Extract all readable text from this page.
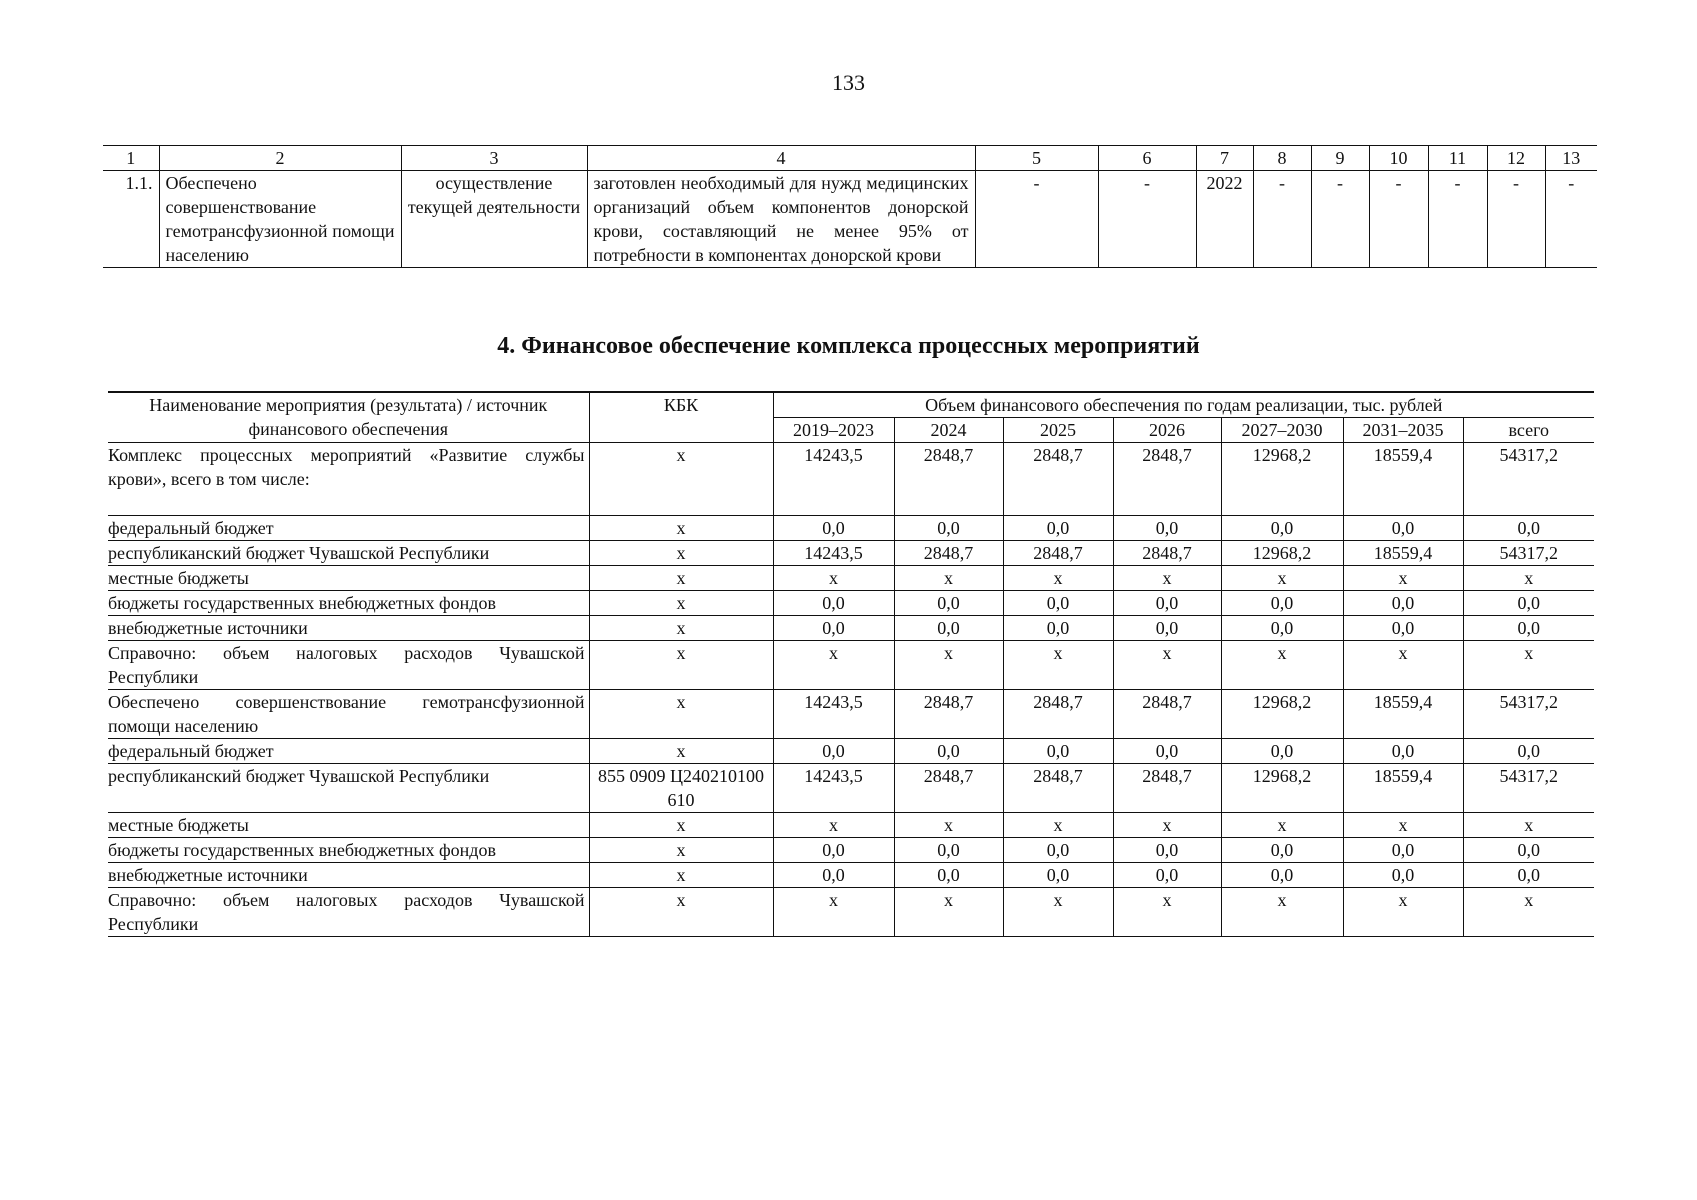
133
1	2	3	4	5	6	7	8	9	10	11	12	13
1.1.	Обеспечено совершенствование гемотрансфузионной помощи населению	осуществление текущей деятельности	заготовлен необходимый для нужд медицинских организаций объем компонентов донорской крови, составляющий не менее 95% от потребности в компонентах донорской крови	-	-	2022	-	-	-	-	-	-
4. Финансовое обеспечение комплекса процессных мероприятий
Наименование мероприятия (результата) / источник финансового обеспечения	КБК	Объем финансового обеспечения по годам реализации, тыс. рублей						
		2019–2023	2024	2025	2026	2027–2030	2031–2035	всего
Комплекс процессных мероприятий «Развитие службы крови», всего в том числе:	х	14243,5	2848,7	2848,7	2848,7	12968,2	18559,4	54317,2
федеральный бюджет	х	0,0	0,0	0,0	0,0	0,0	0,0	0,0
республиканский бюджет Чувашской Республики	х	14243,5	2848,7	2848,7	2848,7	12968,2	18559,4	54317,2
местные бюджеты	х	х	х	х	х	х	х	х
бюджеты государственных внебюджетных фондов	х	0,0	0,0	0,0	0,0	0,0	0,0	0,0
внебюджетные источники	х	0,0	0,0	0,0	0,0	0,0	0,0	0,0
Справочно: объем налоговых расходов Чувашской Республики	х	х	х	х	х	х	х	х
Обеспечено совершенствование гемотрансфузионной помощи населению	х	14243,5	2848,7	2848,7	2848,7	12968,2	18559,4	54317,2
федеральный бюджет	х	0,0	0,0	0,0	0,0	0,0	0,0	0,0
республиканский бюджет Чувашской Республики	855 0909 Ц240210100 610	14243,5	2848,7	2848,7	2848,7	12968,2	18559,4	54317,2
местные бюджеты	х	х	х	х	х	х	х	х
бюджеты государственных внебюджетных фондов	х	0,0	0,0	0,0	0,0	0,0	0,0	0,0
внебюджетные источники	х	0,0	0,0	0,0	0,0	0,0	0,0	0,0
Справочно: объем налоговых расходов Чувашской Республики	х	х	х	х	х	х	х	х
